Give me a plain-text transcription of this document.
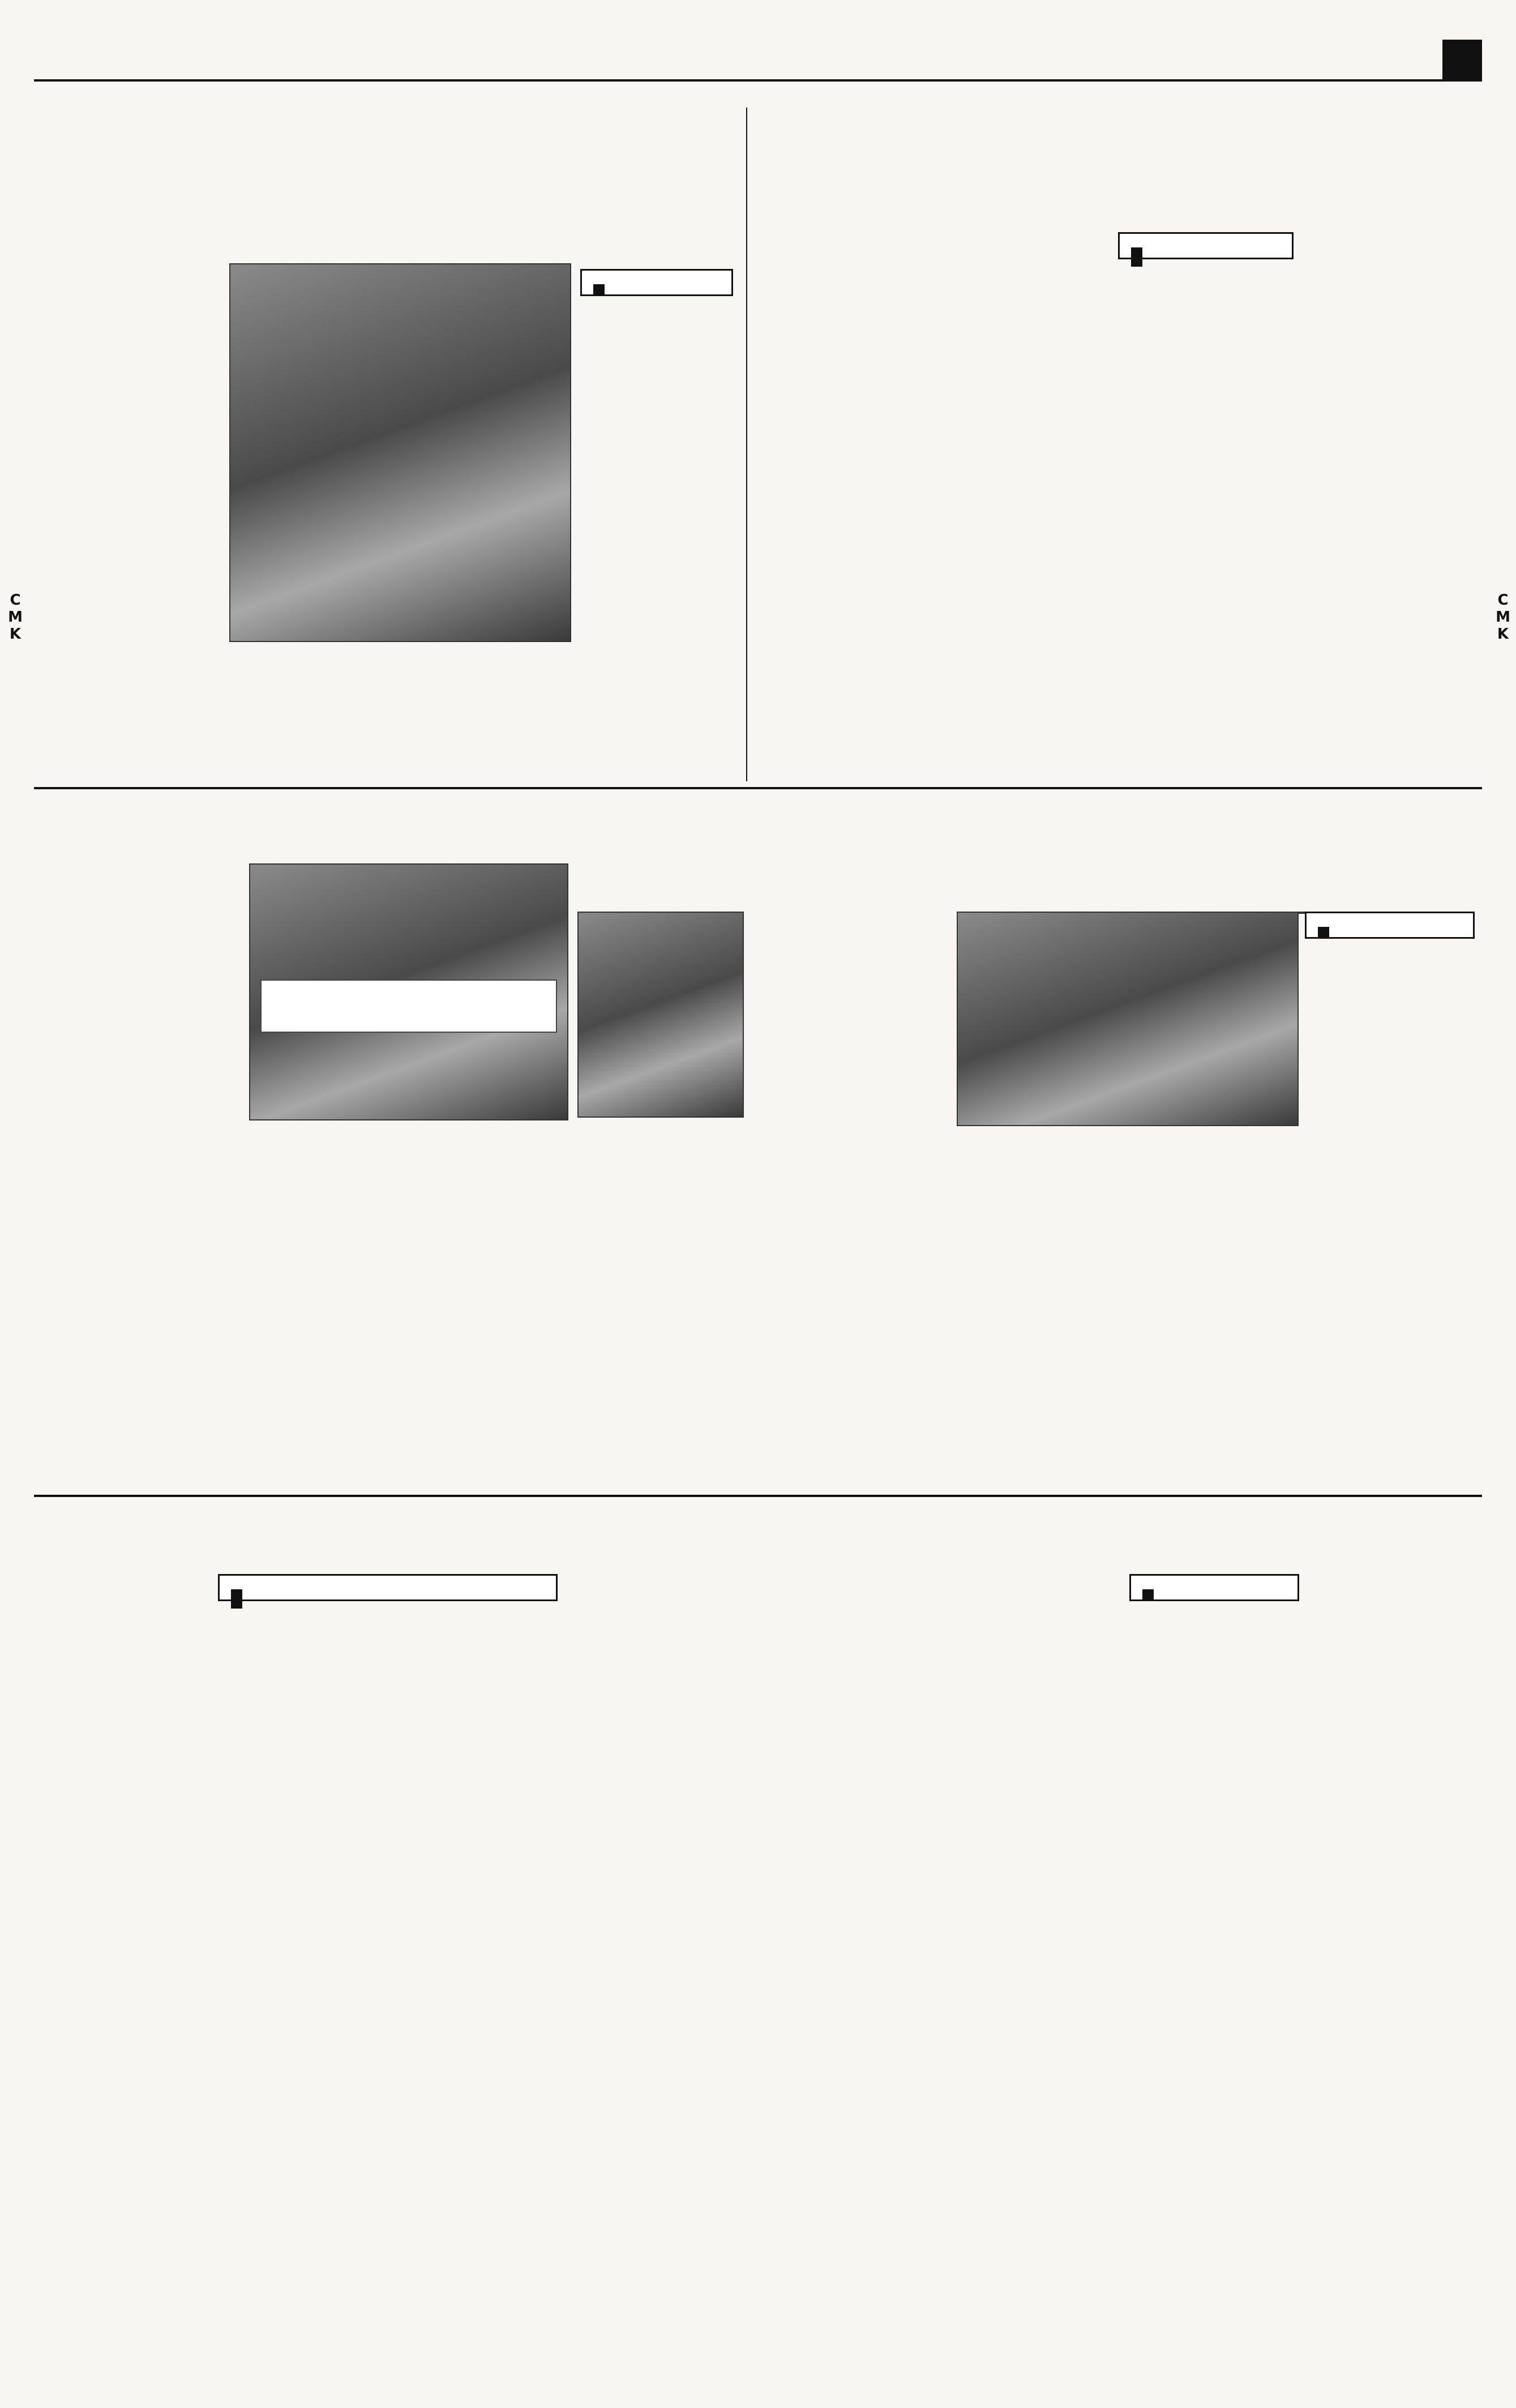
C M K
C M K
